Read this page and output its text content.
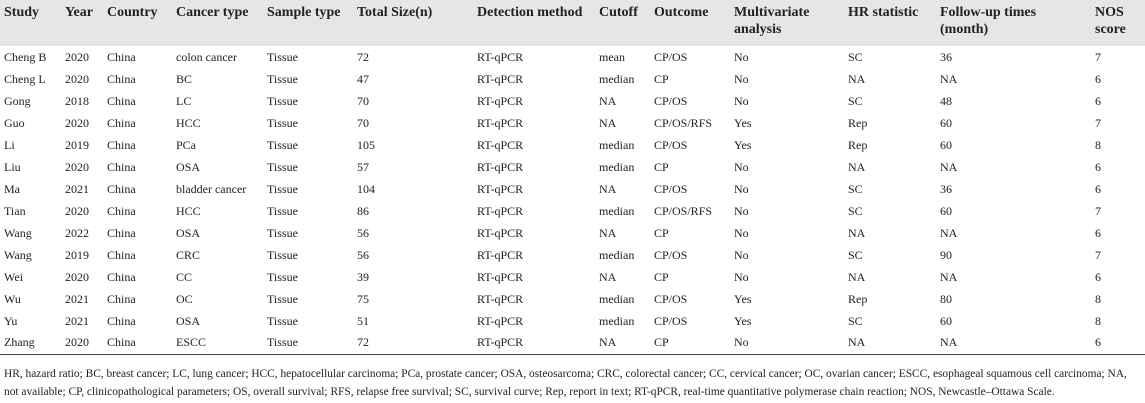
Study	Year	Country	Cancer type	Sample type	Total Size(n)	Detection method	Cutoff	Outcome	Multivariate analysis	HR statistic	Follow-up times (month)	NOS score
Cheng B	2020	China	colon cancer	Tissue	72	RT-qPCR	mean	CP/OS	No	SC	36	7
Cheng L	2020	China	BC	Tissue	47	RT-qPCR	median	CP	No	NA	NA	6
Gong	2018	China	LC	Tissue	70	RT-qPCR	NA	CP/OS	No	SC	48	6
Guo	2020	China	HCC	Tissue	70	RT-qPCR	NA	CP/OS/RFS	Yes	Rep	60	7
Li	2019	China	PCa	Tissue	105	RT-qPCR	median	CP/OS	Yes	Rep	60	8
Liu	2020	China	OSA	Tissue	57	RT-qPCR	median	CP	No	NA	NA	6
Ma	2021	China	bladder cancer	Tissue	104	RT-qPCR	NA	CP/OS	No	SC	36	6
Tian	2020	China	HCC	Tissue	86	RT-qPCR	median	CP/OS/RFS	No	SC	60	7
Wang	2022	China	OSA	Tissue	56	RT-qPCR	NA	CP	No	NA	NA	6
Wang	2019	China	CRC	Tissue	56	RT-qPCR	median	CP/OS	No	SC	90	7
Wei	2020	China	CC	Tissue	39	RT-qPCR	NA	CP	No	NA	NA	6
Wu	2021	China	OC	Tissue	75	RT-qPCR	median	CP/OS	Yes	Rep	80	8
Yu	2021	China	OSA	Tissue	51	RT-qPCR	median	CP/OS	Yes	SC	60	8
Zhang	2020	China	ESCC	Tissue	72	RT-qPCR	NA	CP	No	NA	NA	6
HR, hazard ratio; BC, breast cancer; LC, lung cancer; HCC, hepatocellular carcinoma; PCa, prostate cancer; OSA, osteosarcoma; CRC, colorectal cancer; CC, cervical cancer; OC, ovarian cancer; ESCC, esophageal squamous cell carcinoma; NA, not available; CP, clinicopathological parameters; OS, overall survival; RFS, relapse free survival; SC, survival curve; Rep, report in text; RT-qPCR, real-time quantitative polymerase chain reaction; NOS, Newcastle–Ottawa Scale.
